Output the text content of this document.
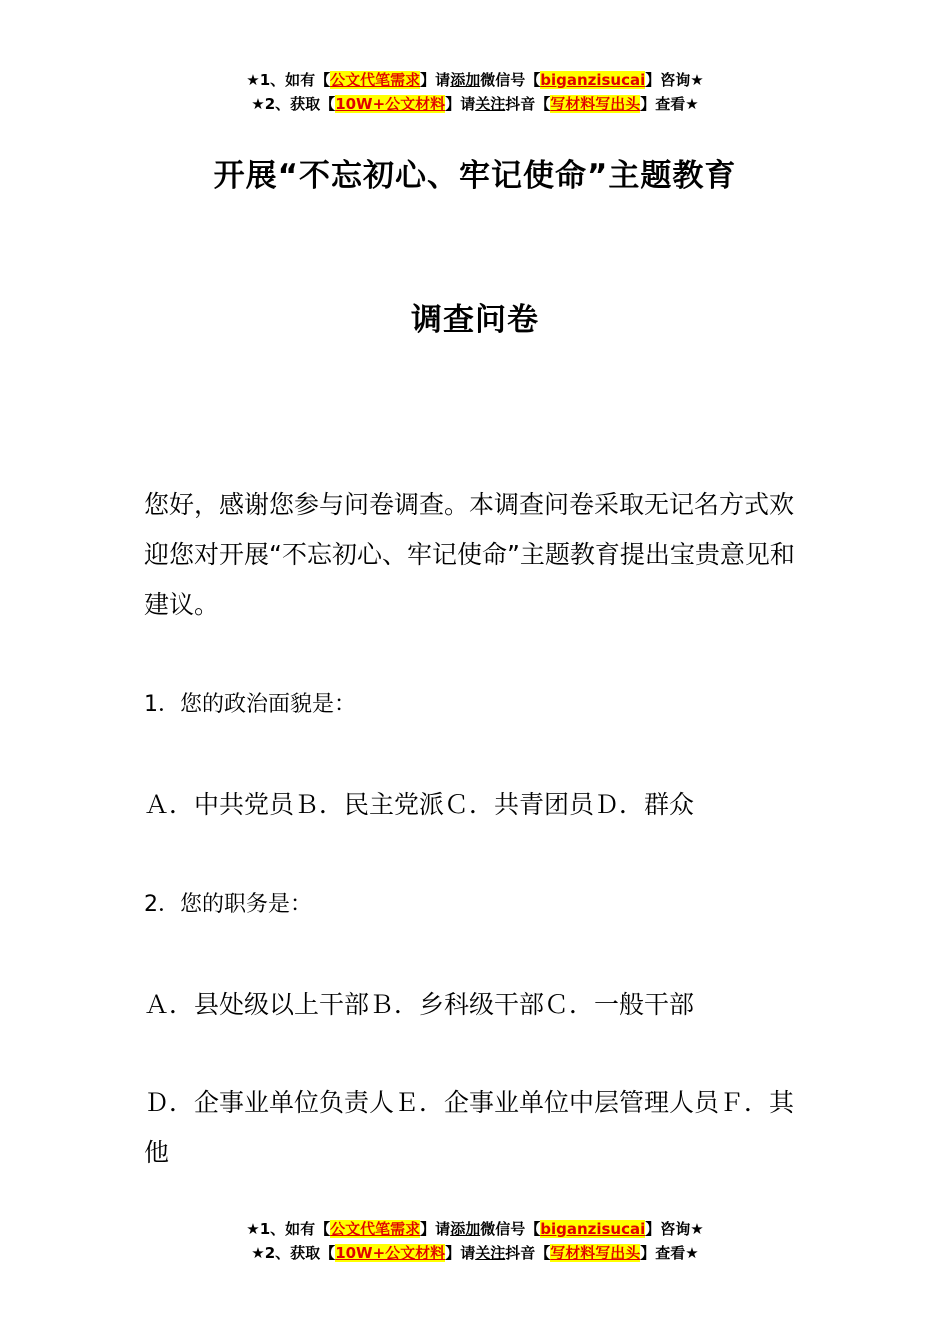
★1、如有【公文代笔需求】请添加微信号【biganzisucai】咨询★
★2、获取【10W+公文材料】请关注抖音【写材料写出头】查看★
开展“不忘初心、牢记使命”主题教育
调查问卷
您好，感谢您参与问卷调查。本调查问卷采取无记名方式欢迎您对开展“不忘初心、牢记使命”主题教育提出宝贵意见和建议。
1．您的政治面貌是：
Ａ．中共党员Ｂ．民主党派Ｃ．共青团员Ｄ．群众
2．您的职务是：
Ａ．县处级以上干部Ｂ．乡科级干部Ｃ．一般干部
Ｄ．企事业单位负责人Ｅ．企事业单位中层管理人员Ｆ．其他
★1、如有【公文代笔需求】请添加微信号【biganzisucai】咨询★
★2、获取【10W+公文材料】请关注抖音【写材料写出头】查看★
